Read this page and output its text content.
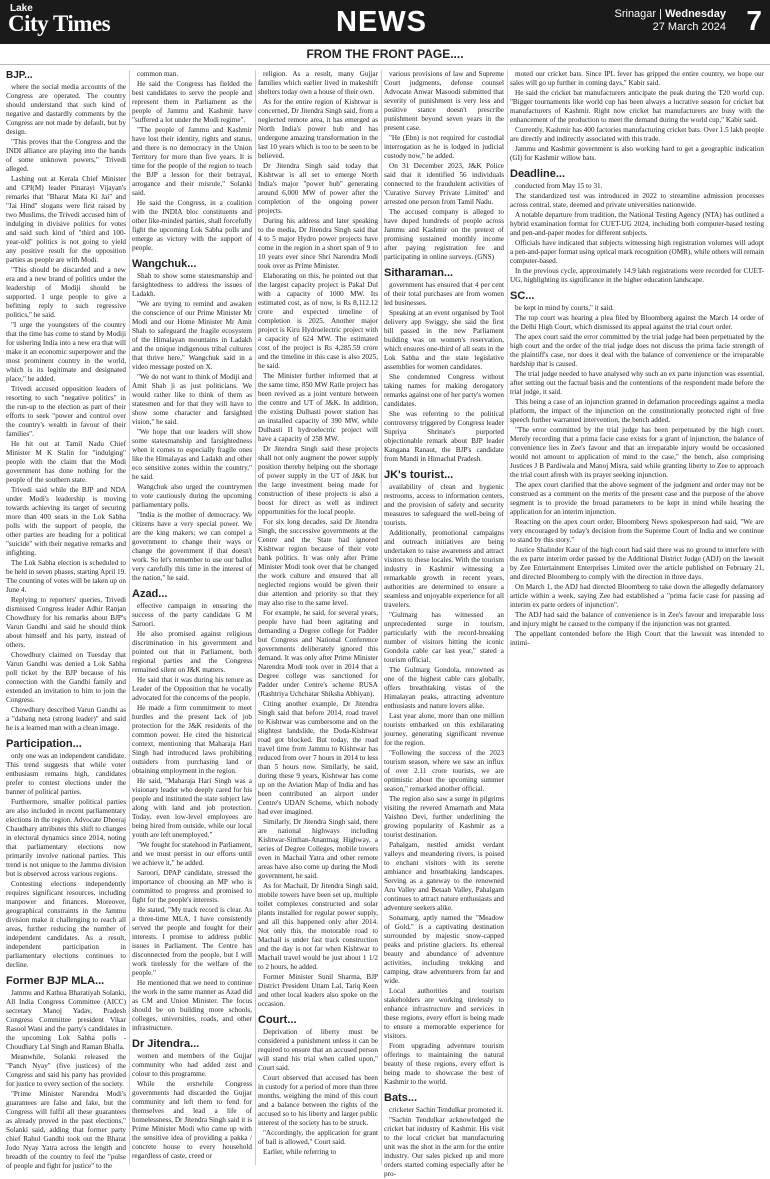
Lake
City Times	NEWS	Srinagar | Wednesday
27 March 2024 7
FROM THE FRONT PAGE....
BJP...

where the social media accounts of the Congress are operated. The country should understand that such kind of negative and dastardly comments by the Congress are not made by default, but by design.

"This proves that the Congress and the INDI alliance are playing into the hands of some unknown powers," Trivedi alleged.

Lashing out at Kerala Chief Minister and CPI(M) leader Pinarayi Vijayan's remarks that "Bharat Mata Ki Jai" and "Jai Hind" slogans were first raised by two Muslims, the Trivedi accused him of indulging in divisive politics for votes and said such kind of "third and 100-year-old" politics is not going to yield any positive result for the opposition parties as people are with Modi.

"This should be discarded and a new era and a new brand of politics under the leadership of Modiji should be supported. I urge people to give a befitting reply to such regressive politics," he said.

"I urge the youngsters of the country that the time has come to stand by Modiji for ushering India into a new era that will make it an economic superpower and the most prominent country in the world, which is its legitimate and designated place," he added.

Trivedi accused opposition leaders of resorting to such "negative politics" in the run-up to the election as part of their efforts to seek "power and control over the country's wealth in favour of their families".

He hit out at Tamil Nadu Chief Minister M K Stalin for "indulging" people with the claim that the Modi government has done nothing for the people of the southern state.

Trivedi said while the BJP and NDA under Modi's leadership is moving towards achieving its target of securing more than 400 seats in the Lok Sabha polls with the support of people, the other parties are heading for a political "suicide" with their negative remarks and infighting.

The Lok Sabha election is scheduled to be held in seven phases, starting April 19. The counting of votes will be taken up on June 4.

Replying to reporters' queries, Trivedi dismissed Congress leader Adhir Ranjan Chowdhury for his remarks about BJP's Varun Gandhi and said he should think about himself and his party, instead of others.

Chowdhury claimed on Tuesday that Varun Gandhi was denied a Lok Sabha poll ticket by the BJP because of his connection with the Gandhi family and extended an invitation to him to join the Congress.

Chowdhury described Varun Gandhi as a "dabang neta (strong leader)" and said he is a learned man with a clean image.

Participation...

only one was an independent candidate. This trend suggests that while voter enthusiasm remains high, candidates prefer to contest elections under the banner of political parties.

Furthermore, smaller political parties are also included in recent parliamentary elections in the region. Advocate Dheeraj Chaudhary attributes this shift to changes in electoral dynamics since 2014, noting that parliamentary elections now primarily involve national parties. This trend is not unique to the Jammu division but is observed across various regions.

Contesting elections independently requires significant resources, including manpower and finances. Moreover, geographical constraints in the Jammu division make it challenging to reach all areas, further reducing the number of independent candidates. As a result, independent participation in parliamentary elections continues to decline.

Former BJP MLA...

Jammu and Kathua Bharatiyah Solanki, All India Congress Committee (AICC) secretary Manoj Yadav, Pradesh Congress Committee president Vikar Rasool Wani and the party's candidates in the upcoming Lok Sabha polls - Choudhary Lal Singh and Raman Bhalla.

Meanwhile, Solanki released the "Panch Nyay" (five justices) of the Congress and said his party has provided for justice to every section of the society.

"Prime Minister Narendra Modi's guarantees are false and fake, but the Congress will fulfil all these guarantees as already proved in the past elections," Solanki said, adding that former party chief Rahul Gandhi took out the Bharat Jodo Nyay Yatra across the length and breadth of the country to feel the "pulse of people and fight for justice" to the

common man.

He said the Congress has fielded the best candidates to serve the people and represent them in Parliament as the people of Jammu and Kashmir have "suffered a lot under the Modi regime".

"The people of Jammu and Kashmir have lost their identity, rights and status, and there is no democracy in the Union Territory for more than five years. It is time for the people of the region to teach the BJP a lesson for their betrayal, arrogance and their misrule," Solanki said.

He said the Congress, in a coalition with the INDIA bloc constituents and other like-minded parties, shall forcefully fight the upcoming Lok Sabha polls and emerge as victory with the support of people.

Wangchuk...

Shah to show some statesmanship and farsightedness to address the issues of Ladakh.

"We are trying to remind and awaken the conscience of our Prime Minister Mr Modi and our Home Minister Mr Amit Shah to safeguard the fragile ecosystem of the Himalayan mountains in Ladakh and the unique indigenous tribal cultures that thrive here," Wangchuk said in a video message posted on X.

"We do not want to think of Modiji and Amit Shah ji as just politicians. We would rather like to think of them as statesmen and for that they will have to show some character and farsighted vision," he said.

"We hope that our leaders will show some statesmanship and farsightedness when it comes to especially fragile ones like the Himalayas and Ladakh and other eco sensitive zones within the country," he said.

Wangchuk also urged the countrymen to vote cautiously during the upcoming parliamentary polls.

"India is the mother of democracy. We citizens have a very special power. We are the king makers; we can compel a government to change their ways or change the government if that doesn't work. So let's remember to use our ballot very carefully this time in the interest of the nation," he said.

Azad...

effective campaign in ensuring the success of the party candidate G M Saroori.

He also promised against religious discrimination in his government and pointed out that in Parliament, both regional parties and the Congress remained silent on J&K matters.

He said that it was during his tenure as Leader of the Opposition that he vocally advocated for the concerns of the people.

He made a firm commitment to meet hurdles and the present lack of job protection for the J&K residents of the common power. He cited the historical context, mentioning that Maharaja Hari Singh had introduced laws prohibiting outsiders from purchasing land or obtaining employment in the region.

He said, "Maharaja Hari Singh was a visionary leader who deeply cared for his people and instituted the state subject law along with land and job protection. Today, even low-level employees are being hired from outside, while our local youth are left unemployed."

"We fought for statehood in Parliament, and we must persist in our efforts until we achieve it," he added.

Saroori, DPAP candidate, stressed the importance of choosing an MP who is committed to progress and promised to fight for the people's interests.

He stated, "My track record is clear. As a three-time MLA, I have consistently served the people and fought for their interests. I promise to address public issues in Parliament. The Centre has disconnected from the people, but I will work tirelessly for the welfare of the people."

He mentioned that we need to continue the work in the same manner as Azad did as CM and Union Minister. The focus should be on building more schools, colleges, universities, roads, and other infrastructure.

Dr Jitendra...

women and members of the Gujjar community who had added zest and colour to this programme.

While the erstwhile Congress governments had discarded the Gujjar community and left them to fend for themselves and lead a life of homelessness, Dr Jitendra Singh said it is Prime Minister Modi who came up with the sensitive idea of providing a pakka / concrete house to every household regardless of caste, creed or

religion. As a result, many Gujjar families which earlier lived in makeshift shelters today own a house of their own.

As for the entire region of Kishtwar is concerned, Dr Jitendra Singh said, from a neglected remote area, it has emerged as North India's power hub and has undergone amazing transformation in the last 10 years which is too to be seen to be believed.

Dr Jitendra Singh said today that Kishtwar is all set to emerge North India's major "power hub" generating around 6,000 MW of power after the completion of the ongoing power projects.

During his address and later speaking to the media, Dr Jitendra Singh said that 4 to 5 major Hydro power projects have come in the region in a short span of 9 to 10 years ever since Shri Narendra Modi took over as Prime Minister.

Elaborating on this, he pointed out that the largest capacity project is Pakal Dul with a capacity of 1000 MW. Its estimated cost, as of now, is Rs 8,112.12 crore and expected timeline of completion is 2025. Another major project is Kiru Hydroelectric project with a capacity of 624 MW. The estimated cost of the project is Rs 4,285.59 crore and the timeline in this case is also 2025, he said.

The Minister further informed that at the same time, 850 MW Ratle project has been revived as a joint venture between the centre and UT of J&K. In addition, the existing Dulhasti power station has an installed capacity of 390 MW, while Dulhasti II hydroelectric project will have a capacity of 258 MW.

Dr Jitendra Singh said these projects shall not only augment the power supply position thereby helping out the shortage of power supply in the UT of J&K but the large investment being made for construction of these projects is also a boost for direct as well as indirect opportunities for the local people.

For six long decades, said Dr Jitendra Singh, the successive governments at the Centre and the State had ignored Kishtwar region because of their vote bank politics. It was only after Prime Minister Modi took over that he changed the work culture and ensured that all neglected regions would be given their due attention and priority so that they may also rise to the same level.

For example, he said, for several years, people have had been agitating and demanding a Degree college for Padder but Congress and National Conference governments deliberately ignored this demand. It was only after Prime Minister Narendra Modi took over in 2014 that a Degree college was sanctioned for Padder under Centre's scheme RUSA (Rashtriya Uchchatar Shiksha Abhiyan).

Citing another example, Dr Jitendra Singh said that before 2014, road travel to Kishtwar was cumbersome and on the slightest landslide, the Doda-Kishtwar road got blocked. But today, the road travel time from Jammu to Kishtwar has reduced from over 7 hours in 2014 to less than 5 hours now. Similarly, he said, during these 9 years, Kishtwar has come up on the Aviation Map of India and has been contributed an airport under Centre's UDAN Scheme, which nobody had ever imagined.

Similarly, Dr Jitendra Singh said, there are national highways including Kishtwar-Sinthan-Anantnag Highway, a series of Degree Colleges, mobile towers even in Machail Yatra and other remote areas have also come up during the Modi government, he said.

As for Machail, Dr Jitendra Singh said, mobile towers have been set up, multiple toilet complexes constructed and solar plants installed for regular power supply, and all this happened only after 2014. Not only this, the motorable road to Machail is under fast track construction and the day is not far when Kishtwar to Machail travel would be just about 1 1/2 to 2 hours, he added.

Former Minister Sunil Sharma, BJP District President Uttam Lal, Tariq Keen and other local leaders also spoke on the occasion.

Court...

Deprivation of liberty must be considered a punishment unless it can be required to ensure that an accused person will stand his trial when called upon," Court said.

Court observed that accused has been in custody for a period of more than three months, weighing the mind of this court and a balance between the rights of the accused so to his liberty and larger public interest of the society has to be struck.

"Accordingly, the application for grant of bail is allowed," Court said.

Earlier, while referring to

various provisions of law and Supreme Court judgments, defense counsel Advocate Anwar Masoodi submitted that severity of punishment is very less and positive stance doesn't prescribe punishment beyond seven years in the present case.

"He (Ebn) is not required for custodial interrogation as he is lodged in judicial custody now," he added.

On 31 December 2023, J&K Police said that it identified 56 individuals connected to the fraudulent activities of 'Curative Survey Private Limited' and arrested one person from Tamil Nadu.

The accused company is alleged to have duped hundreds of people across Jammu and Kashmir on the pretext of promising sustained monthly income after paying registration fee and participating in online surveys. (GNS)

Sitharaman...

government has ensured that 4 per cent of their total purchases are from women led businesses.

Speaking at an event organised by Tool delivery app Swiggy, she said the first bill passed in the new Parliament building was on women's reservation, which ensures one-third of all seats in the Lok Sabha and the state legislative assemblies for women candidates.

She condemned Congress without taking names for making derogatory remarks against one of her party's women candidates.

She was referring to the political controversy triggered by Congress leader Supriya Shrinate's purported objectionable remark about BJP leader Kangana Ranaut, the BJP's candidate from Mandi in Himachal Pradesh.

JK's tourist...

availability of clean and hygienic restrooms, access to information centers, and the provision of safety and security measures to safeguard the well-being of tourists.

Additionally, promotional campaigns and outreach initiatives are being undertaken to raise awareness and attract visitors to these locales. With the tourism industry in Kashmir witnessing a remarkable growth in recent years, authorities are determined to ensure a seamless and enjoyable experience for all travelers.

"Gulmarg has witnessed an unprecedented surge in tourism, particularly with the record-breaking number of visitors hitting the iconic Gondola cable car last year," stated a tourism official.

The Gulmarg Gondola, renowned as one of the highest cable cars globally, offers breathtaking vistas of the Himalayan peaks, attracting adventure enthusiasts and nature lovers alike.

Last year alone, more than one million tourists embarked on this exhilarating journey, generating significant revenue for the region.

"Following the success of the 2023 tourism season, where we saw an influx of over 2.11 crore tourists, we are optimistic about the upcoming summer season," remarked another official.

The region also saw a surge in pilgrims visiting the revered Amarnath and Mata Vaishno Devi, further underlining the growing popularity of Kashmir as a tourist destination.

Pahalgam, nestled amidst verdant valleys and meandering rivers, is poised to enchant visitors with its serene ambiance and breathtaking landscapes. Serving as a gateway to the renowned Aru Valley and Betaab Valley, Pahalgam continues to attract nature enthusiasts and adventure seekers alike.

Sonamarg, aptly named the "Meadow of Gold," is a captivating destination surrounded by majestic snow-capped peaks and pristine glaciers. Its ethereal beauty and abundance of adventure activities, including trekking and camping, draw adventurers from far and wide.

Local authorities and tourism stakeholders are working tirelessly to enhance infrastructure and services in these regions, every effort is being made to ensure a memorable experience for visitors.

From upgrading adventure tourism offerings to maintaining the natural beauty of these regions, every effort is being made to showcase the best of Kashmir to the world.

Bats...

cricketer Sachin Tendulkar promoted it.

"Sachin Tendulkar acknowledged the cricket bat industry of Kashmir. His visit to the local cricket bat manufacturing unit was the shot in the arm for the entire industry. Our sales picked up and more orders started coming especially after he pro-

moted our cricket bats. Since IPL fever has gripped the entire country, we hope our sales will go up further in coming days," Kabir said.

He said the cricket bat manufacturers anticipate the peak during the T20 world cup. "Bigger tournaments like world cup has been always a lucrative season for cricket bat manufacturers of Kashmir. Right now cricket bat manufacturers are busy with the enhancement of the production to meet the demand during the world cup," Kabir said.

Currently, Kashmir has 400 factories manufacturing cricket bats. Over 1.5 lakh people are directly and indirectly associated with this trade.

Jammu and Kashmir government is also working hard to get a geographic indication (GI) for Kashmir willow bats.

Deadline...

conducted from May 15 to 31.

The standardized test was introduced in 2022 to streamline admission processes across central, state, deemed and private universities nationwide.

A notable departure from tradition, the National Testing Agency (NTA) has outlined a hybrid examination format for CUET-UG 2024, including both computer-based testing and pen-and-paper modes for different subjects.

Officials have indicated that subjects witnessing high registration volumes will adopt a pen-and-paper format using optical mark recognition (OMR), while others will remain computer-based.

In the previous cycle, approximately 14.9 lakh registrations were recorded for CUET-UG, highlighting its significance in the higher education landscape.

SC...

be kept in mind by courts," it said.

The top court was hearing a plea filed by Bloomberg against the March 14 order of the Delhi High Court, which dismissed its appeal against the trial court order.

The apex court said the error committed by the trial judge had been perpetuated by the high court and the order of the trial judge does not discuss the prima facie strength of the plaintiff's case, nor does it deal with the balance of convenience or the irreparable hardship that is caused.

The trial judge needed to have analysed why such an ex parte injunction was essential, after setting out the factual basis and the contentions of the respondent made before the trial judge, it said.

This being a case of an injunction granted in defamation proceedings against a media platform, the impact of the injunction on the constitutionally protected right of free speech further warranted intervention, the bench added.

"The error committed by the trial judge has been perpetuated by the high court. Merely recording that a prima facie case exists for a grant of injunction, the balance of convenience lies in Zee's favour and that an irreparable injury would be occasioned would not amount to application of mind to the case," the bench, also comprising Justices J B Pardiwala and Manoj Misra, said while granting liberty to Zee to approach the trial court afresh with its prayer seeking injunction.

The apex court clarified that the above segment of the judgment and order may not be construed as a comment on the merits of the present case and the purpose of the above segment is to provide the broad parameters to be kept in mind while hearing the application for an interim injunction.

Reacting on the apex court order, Bloomberg News spokesperson had said, "We are very encouraged by today's decision from the Supreme Court of India and we continue to stand by this story."

Justice Shalinder Kaur of the high court had said there was no ground to interfere with the ex parte interim order passed by the Additional District Judge (ADJ) on the lawsuit by Zee Entertainment Enterprises Limited over the article published on February 21, and directed Bloomberg to comply with the direction in three days.

On March 1, the ADJ had directed Bloomberg to take down the allegedly defamatory article within a week, saying Zee had established a "prima facie case for passing ad interim ex parte orders of injunction".

The ADJ had said the balance of convenience is in Zee's favour and irreparable loss and injury might be caused to the company if the injunction was not granted.

The appellant contended before the High Court that the lawsuit was intended to intimi-
